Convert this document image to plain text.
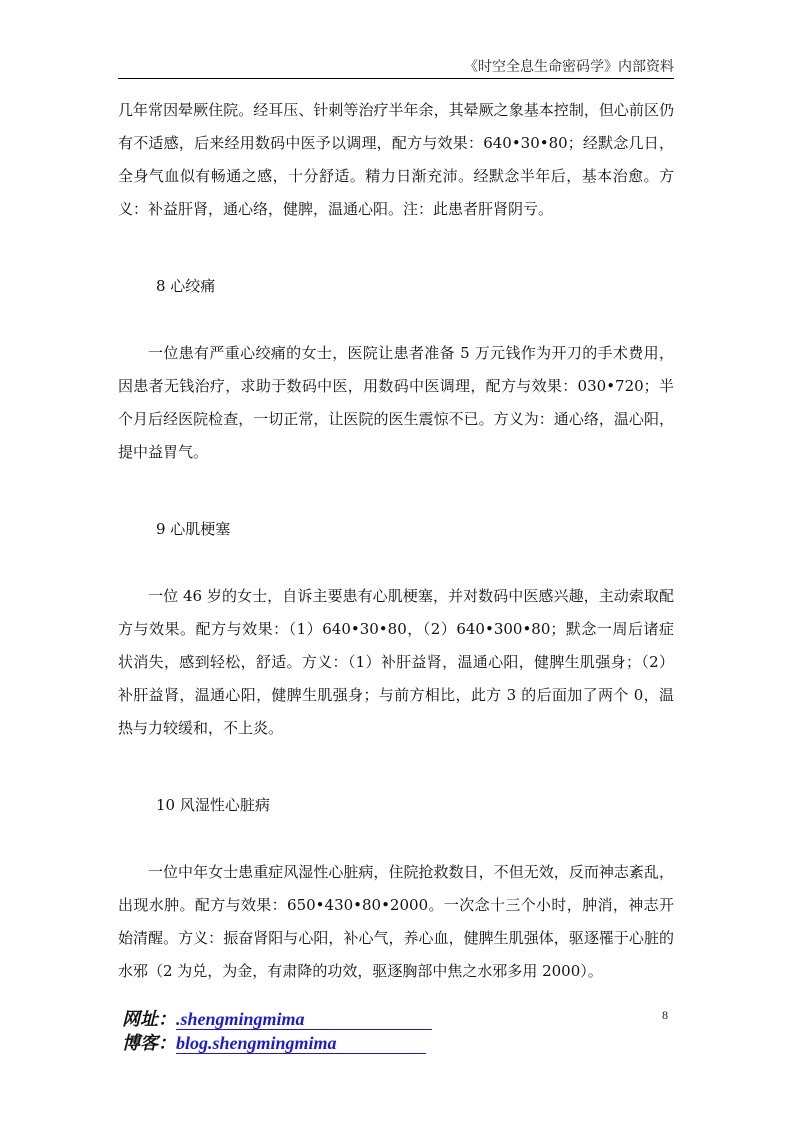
《时空全息生命密码学》内部资料

几年常因晕厥住院。经耳压、针刺等治疗半年余，其晕厥之象基本控制，但心前区仍有不适感，后来经用数码中医予以调理，配方与效果：640•30•80；经默念几日，全身气血似有畅通之感，十分舒适。精力日渐充沛。经默念半年后，基本治愈。方义：补益肝肾，通心络，健脾，温通心阳。注：此患者肝肾阴亏。

8 心绞痛

一位患有严重心绞痛的女士，医院让患者准备 5 万元钱作为开刀的手术费用，因患者无钱治疗，求助于数码中医，用数码中医调理，配方与效果：030•720；半个月后经医院检查，一切正常，让医院的医生震惊不已。方义为：通心络，温心阳，提中益胃气。

9 心肌梗塞

一位 46 岁的女士，自诉主要患有心肌梗塞，并对数码中医感兴趣，主动索取配方与效果。配方与效果：（1）640•30•80，（2）640•300•80；默念一周后诸症状消失，感到轻松，舒适。方义：（1）补肝益肾，温通心阳，健脾生肌强身；（2）补肝益肾，温通心阳，健脾生肌强身；与前方相比，此方 3 的后面加了两个 0，温热与力较缓和，不上炎。

10 风湿性心脏病

一位中年女士患重症风湿性心脏病，住院抢救数日，不但无效，反而神志紊乱，出现水肿。配方与效果：650•430•80•2000。一次念十三个小时，肿消，神志开始清醒。方义：振奋肾阳与心阳，补心气，养心血，健脾生肌强体，驱逐罹于心脏的水邪（2 为兑，为金，有肃降的功效，驱逐胸部中焦之水邪多用 2000）。

网址： .shengmingmima
博客： blog.shengmingmima
8
